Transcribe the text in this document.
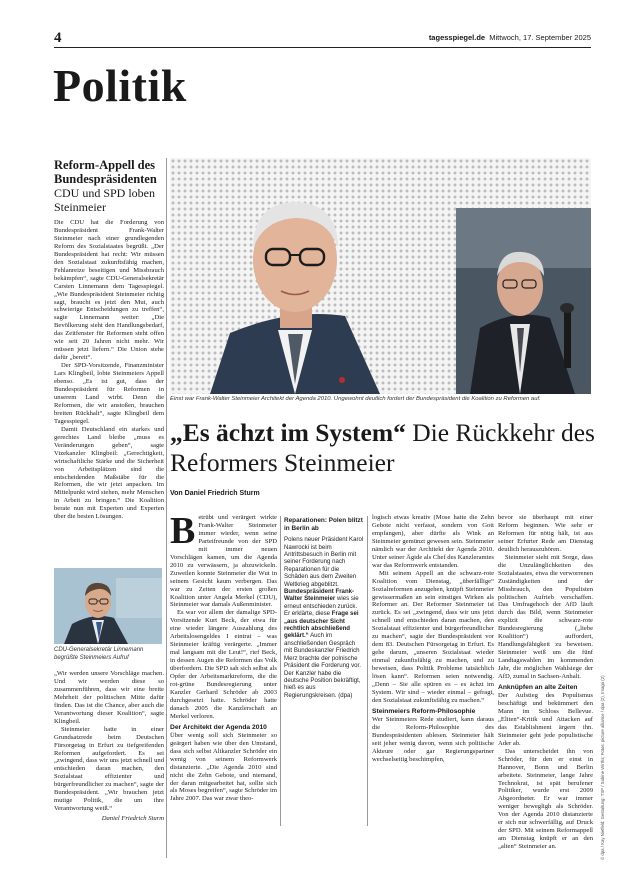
4	tagesspiegel.de Mittwoch, 17. September 2025
Politik
Reform-Appell des Bundespräsidenten
CDU und SPD loben Steinmeier

Die CDU hat die Forderung von Bundespräsident Frank-Walter Steinmeier nach einer grundlegenden Reform des Sozialstaates begrüßt. „Der Bundespräsident hat recht: Wir müssen den Sozialstaat zukunftsfähig machen, Fehlanreize beseitigen und Missbrauch bekämpfen“, sagte CDU-Generalsekretär Carsten Linnemann dem Tagesspiegel. „Wie Bundespräsident Steinmeier richtig sagt, braucht es jetzt den Mut, auch schwierige Entscheidungen zu treffen“, sagte Linnemann weiter: „Die Bevölkerung sieht den Handlungsbedarf, das Zeitfenster für Reformen steht offen wie seit 20 Jahren nicht mehr. Wir müssen jetzt liefern.“ Die Union stehe dafür „bereit“.

Der SPD-Vorsitzende, Finanzminister Lars Klingbeil, lobte Steinmeiers Appell ebenso. „Es ist gut, dass der Bundespräsident für Reformen in unserem Land wirbt. Denn die Reformen, die wir anstoßen, brauchen breiten Rückhalt“, sagte Klingbeil dem Tagesspiegel.

Damit Deutschland ein starkes und gerechtes Land bleibe „muss es Veränderungen geben“, sagte Vizekanzler Klingbeil: „Gerechtigkeit, wirtschaftliche Stärke und die Sicherheit von Arbeitsplätzen sind die entscheidenden Maßstäbe für die Reformen, die wir jetzt anpacken. Im Mittelpunkt wird stehen, mehr Menschen in Arbeit zu bringen.“ Die Koalition berate nun mit Experten und Experten über die besten Lösungen.

CDU-Generalsekretär Linnemann begrüßte Steinmeiers Aufruf

„Wir werden unsere Vorschläge machen. Und wir werden diese so zusammenführen, dass wir eine breite Mehrheit der politischen Mitte dafür finden. Das ist die Chance, aber auch die Verantwortung dieser Koalition“, sagte Klingbeil.

Steinmeier hatte in einer Grundsatzrede beim Deutschen Fürsorgetag in Erfurt zu tiefgreifenden Reformen aufgefordert. Es sei „zwingend, dass wir uns jetzt schnell und entschieden daran machen, den Sozialstaat effizienter und bürgerfreundlicher zu machen“, sagte der Bundespräsident. „Wir brauchen jetzt mutige Politik, die um ihre Verantwortung weiß.“

Daniel Friedrich Sturm
Einst war Frank-Walter Steinmeier Architekt der Agenda 2010. Ungewohnt deutlich fordert der Bundespräsident die Koalition zu Reformen auf.
„Es ächzt im System“ Die Rückkehr des Reformers Steinmeier
Von Daniel Friedrich Sturm
B etrübt und verärgert wirkte Frank-Walter Steinmeier immer wieder, wenn seine Parteifreunde von der SPD mit immer neuen Vorschlägen kamen, um die Agenda 2010 zu verwässern, ja abzuwickeln. Zuweilen konnte Steinmeier die Wut in seinem Gesicht kaum verbergen. Das war zu Zeiten der ersten großen Koalition unter Angela Merkel (CDU), Steinmeier war damals Außenminister.

Es war vor allem der damalige SPD-Vorsitzende Kurt Beck, der etwa für eine wieder längere Auszahlung des Arbeitslosengeldes I eintrat – was Steinmeier kräftig verärgerte. „Immer mal langsam mit die Leut!“, rief Beck, in dessen Augen die Reformen das Volk überfordern. Die SPD sah sich selbst als Opfer der Arbeitsmarktreform, die die rot-grüne Bundesregierung unter Kanzler Gerhard Schröder ab 2003 durchgesetzt hatte. Schröder hatte danach 2005 die Kanzlerschaft an Merkel verloren.

Der Architekt der Agenda 2010

Über wenig soll sich Steinmeier so geärgert haben wie über den Umstand, dass sich selbst Altkanzler Schröder ein wenig von seinem Reformwerk distanzierte. „Die Agenda 2010 sind nicht die Zehn Gebote, und niemand, der daran mitgearbeitet hat, sollte sich als Moses begreifen“, sagte Schröder im Jahre 2007. Das war zwar theo-

Reparationen: Polen blitzt in Berlin ab
Polens neuer Präsident Karol Nawrocki ist beim Antrittsbesuch in Berlin mit seiner Forderung nach Reparationen für die Schäden aus dem Zweiten Weltkrieg abgeblitzt. Bundespräsident Frank-Walter Steinmeier wies sie erneut entschieden zurück. Er erklärte, diese Frage sei „aus deutscher Sicht rechtlich abschließend geklärt.“ Auch im anschließenden Gespräch mit Bundeskanzler Friedrich Merz brachte der polnische Präsident die Forderung vor. Der Kanzler habe die deutsche Position bekräftigt, hieß es aus Regierungskreisen. (dpa)

logisch etwas kreativ (Mose hatte die Zehn Gebote nicht verfasst, sondern von Gott empfangen), aber dürfte als Wink an Steinmeier gemünzt gewesen sein. Steinmeier nämlich war der Architekt der Agenda 2010. Unter seiner Ägide als Chef des Kanzleramtes war das Reformwerk entstanden.

Mit seinem Appell an die schwarz-rote Koalition vom Dienstag, „überfällige“ Sozialreformen anzugehen, knüpft Steinmeier gewissermaßen an sein einstiges Wirken als Reformer an. Der Reformer Steinmeier ist zurück. Es sei „zwingend, dass wir uns jetzt schnell und entschieden daran machen, den Sozialstaat effizienter und bürgerfreundlicher zu machen“, sagte der Bundespräsident vor dem 83. Deutschen Fürsorgetag in Erfurt. Es gehe darum, „unseren Sozialstaat wieder einmal zukunftsfähig zu machen, und zu beweisen, dass Politik Probleme tatsächlich lösen kann“. Reformen seien notwendig. „Denn – Sie alle spüren es – es ächzt im System. Wir sind – wieder einmal – gefragt, den Sozialstaat zukunftsfähig zu machen.“

Steinmeiers Reform-Philosophie

Wer Steinmeiers Rede studiert, kann daraus die Reform-Philosophie des Bundespräsidenten ablesen. Steinmeier hält seit jeher wenig davon, wenn sich politische Akteure oder gar Regierungspartner wechselseitig beschimpfen,

bevor sie überhaupt mit einer Reform beginnen. Wie sehr er Reformen für nötig hält, ist aus seiner Erfurter Rede am Dienstag deutlich herauszuhören.

Steinmeier sieht mit Sorge, dass die Unzulänglichkeiten des Sozialstaates, etwa die verworrenen Zuständigkeiten und der Missbrauch, den Populisten politischen Aufrieb verschaffen. Das Umfragehoch der AfD läuft durch das Bild, wenn Steinmeier explizit die schwarz-rote Bundesregierung („liebe Koalition“) auffordert, Handlungsfähigkeit zu beweisen. Steinmeier weiß um die fünf Landtagswahlen im kommenden Jahr, die möglichen Wahlsiege der AfD, zumal in Sachsen-Anhalt.

Anknüpfen an alte Zeiten

Der Aufstieg des Populismus beschäftigt und bekümmert den Mann im Schloss Bellevue. „Eliten“-Kritik und Attacken auf das Establishment ärgern ihn. Steinmeier geht jede populistische Ader ab.

Das unterscheidet ihn von Schröder, für den er einst in Hannover, Bonn und Berlin arbeitete. Steinmeier, lange Jahre Technokrat, ist spät berufener Politiker, wurde erst 2009 Abgeordneter. Er war immer weniger bewegligh als Schröder. Von der Agenda 2010 distanzierte er sich nur schwerfällig, auf Druck der SPD. Mit seinem Reformappell am Dienstag knüpft er an den „alten“ Steinmeier an.	© dpa / Kay Nietfeld; Gestaltung: TSP / Sabine Wirths; Fotos: picture alliance / dpa (2), Imago (2)
